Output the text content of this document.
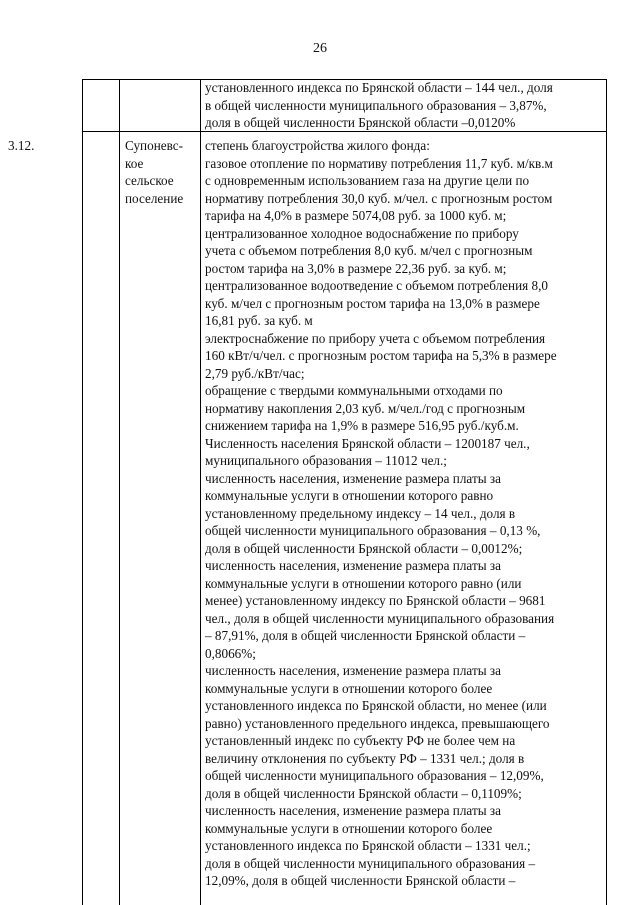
26
установленного индекса по Брянской области – 144 чел., доля
в общей численности муниципального образования – 3,87%,
доля в общей численности Брянской области –0,0120%
3.12.	Супоневс-
кое
сельское
поселение
степень благоустройства жилого фонда:
газовое отопление по нормативу потребления 11,7 куб. м/кв.м
с одновременным использованием газа на другие цели по
нормативу потребления 30,0 куб. м/чел. с прогнозным ростом
тарифа на 4,0% в размере 5074,08 руб. за 1000 куб. м;
централизованное холодное водоснабжение по прибору
учета с объемом потребления 8,0 куб. м/чел с прогнозным
ростом тарифа на 3,0% в размере 22,36 руб. за куб. м;
централизованное водоотведение с объемом потребления 8,0
куб. м/чел с прогнозным ростом тарифа на 13,0% в размере
16,81 руб. за куб. м
электроснабжение по прибору учета с объемом потребления
160 кВт/ч/чел. с прогнозным ростом тарифа на 5,3% в размере
2,79 руб./кВт/час;
обращение с твердыми коммунальными отходами по
нормативу накопления 2,03 куб. м/чел./год с прогнозным
снижением тарифа на 1,9% в размере 516,95 руб./куб.м.
Численность населения Брянской области – 1200187 чел.,
муниципального образования – 11012 чел.;
численность населения, изменение размера платы за
коммунальные услуги в отношении которого равно
установленному предельному индексу – 14 чел., доля в
общей численности муниципального образования – 0,13 %,
доля в общей численности Брянской области – 0,0012%;
численность населения, изменение размера платы за
коммунальные услуги в отношении которого равно (или
менее) установленному индексу по Брянской области – 9681
чел., доля в общей численности муниципального образования
– 87,91%, доля в общей численности Брянской области –
0,8066%;
численность населения, изменение размера платы за
коммунальные услуги в отношении которого более
установленного индекса по Брянской области, но менее (или
равно) установленного предельного индекса, превышающего
установленный индекс по субъекту РФ не более чем на
величину отклонения по субъекту РФ – 1331 чел.; доля в
общей численности муниципального образования – 12,09%,
доля в общей численности Брянской области – 0,1109%;
численность населения, изменение размера платы за
коммунальные услуги в отношении которого более
установленного индекса по Брянской области – 1331 чел.;
доля в общей численности муниципального образования –
12,09%, доля в общей численности Брянской области –
